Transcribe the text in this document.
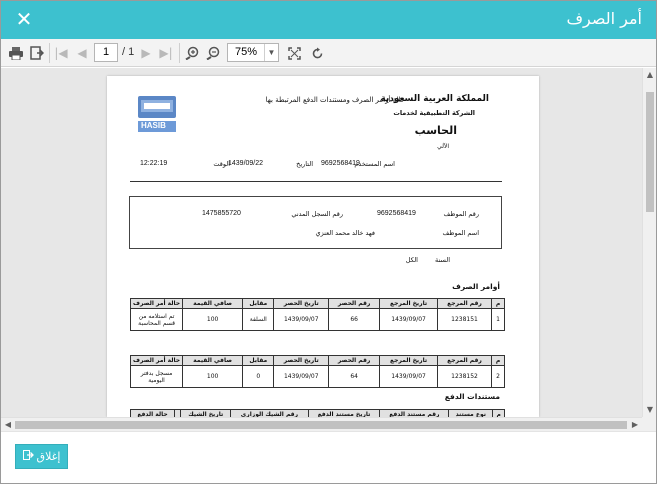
أمر الصرف
✕
|◀ ◀	▶ ▶|
1	/ 1	75%	▼
المملكة العربية السعودية
الشركة التطبيقية لخدمات
الحاسب
الآلي
حالة أوامر الصرف ومستندات الدفع المرتبطة بها
HASIB
اسم المستخدم
9692568419
التاريخ
1439/09/22
الوقت
12:22:19
رقم الموظف
9692568419
رقم السجل المدني
1475855720
اسم الموظف
فهد خالد محمد العنزي
السنة
الكل
أوامر الصرف
م	رقم المرجع	تاريخ المرجع	رقم الحصر	تاريخ الحصر	مقابل	صافي القيمة	حالة أمر الصرف
1	1238151	1439/09/07	66	1439/09/07	السلفة	100	تم استلامه من قسم المحاسبة
م	رقم المرجع	تاريخ المرجع	رقم الحصر	تاريخ الحصر	مقابل	صافي القيمة	حالة أمر الصرف
2	1238152	1439/09/07	64	1439/09/07	0	100	مسجل بدفتر اليومية
مستندات الدفع
م	نوع مستند	رقم مستند الدفع	تاريخ مستند الدفع	رقم الشيك الوزاري	تاريخ الشيك		حالة الدفع
▲
▼
◀	▶
إغلاق
